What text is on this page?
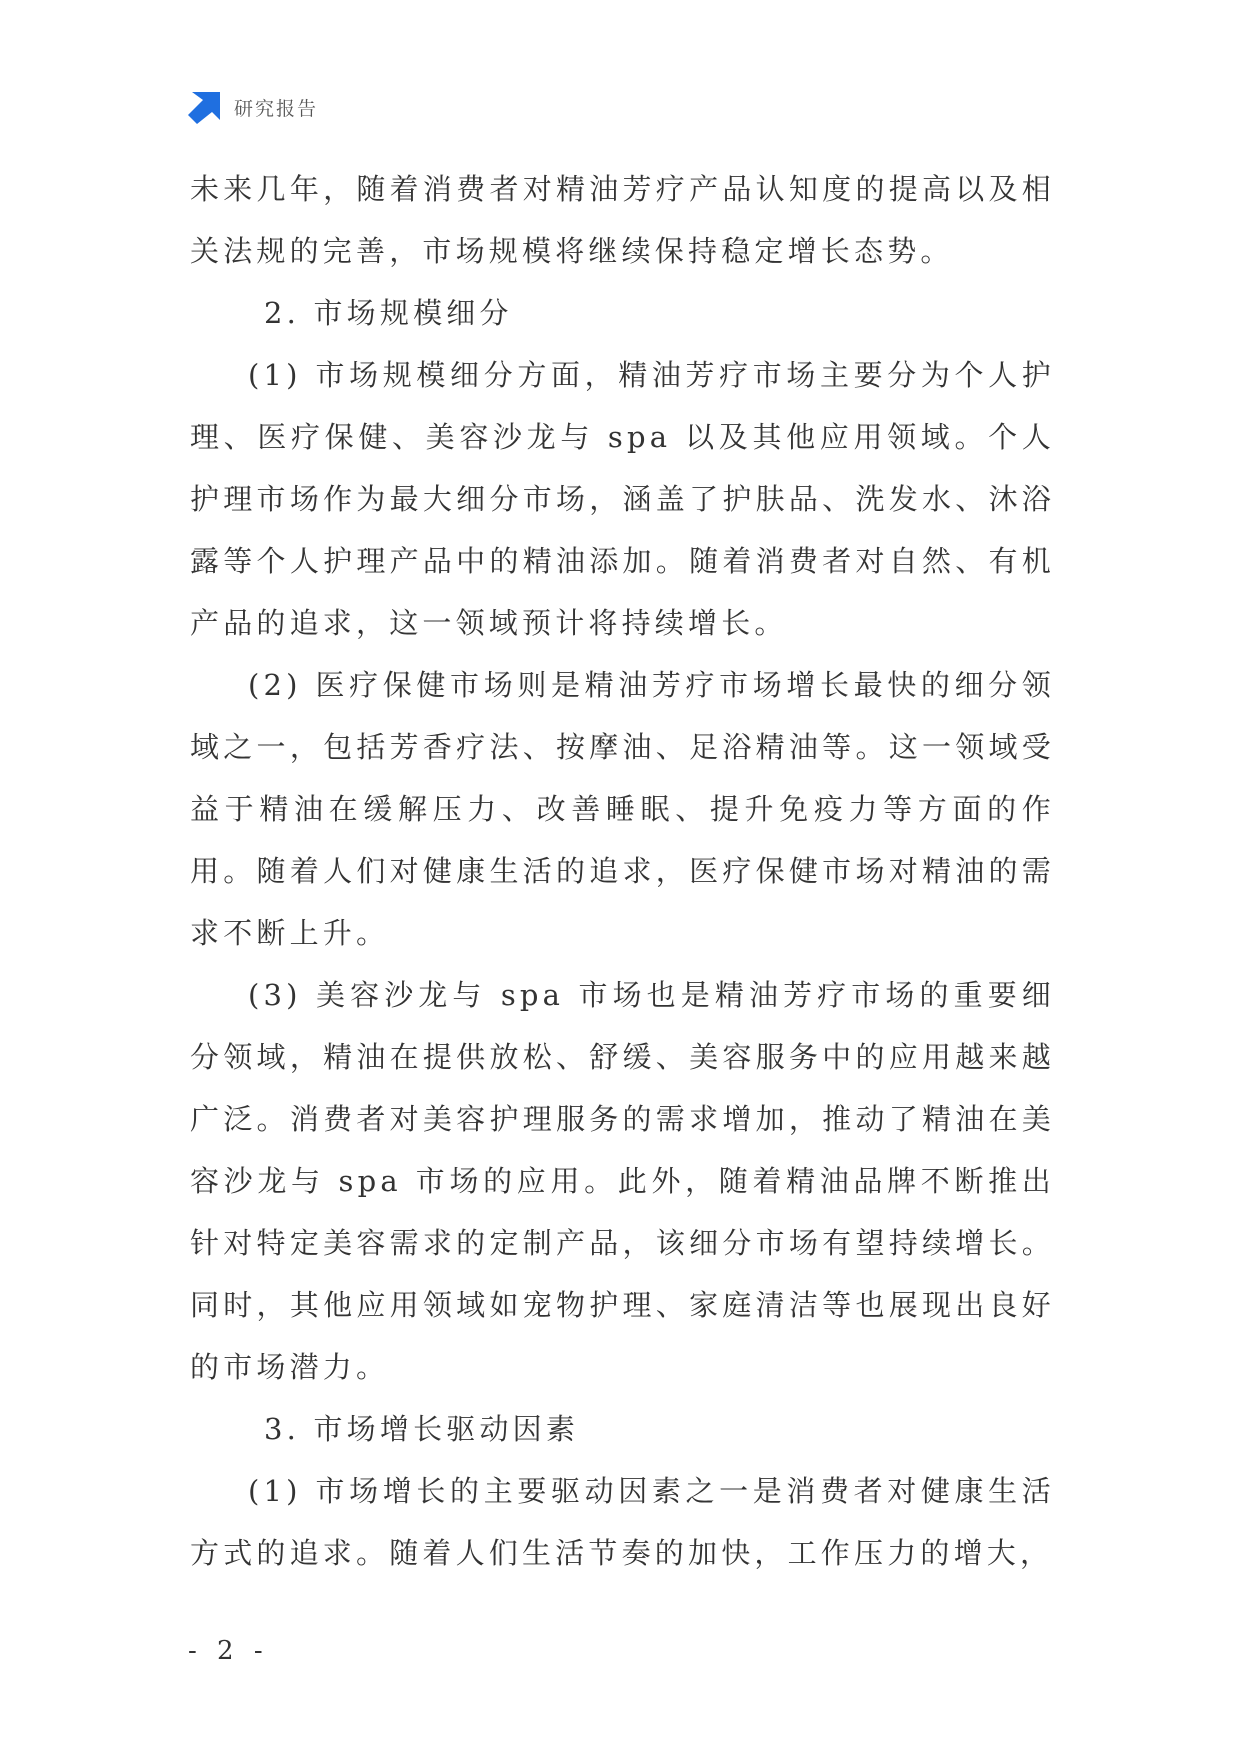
研究报告

未来几年，随着消费者对精油芳疗产品认知度的提高以及相关法规的完善，市场规模将继续保持稳定增长态势。

2. 市场规模细分

(1) 市场规模细分方面，精油芳疗市场主要分为个人护理、医疗保健、美容沙龙与 spa 以及其他应用领域。个人护理市场作为最大细分市场，涵盖了护肤品、洗发水、沐浴露等个人护理产品中的精油添加。随着消费者对自然、有机产品的追求，这一领域预计将持续增长。

(2) 医疗保健市场则是精油芳疗市场增长最快的细分领域之一，包括芳香疗法、按摩油、足浴精油等。这一领域受益于精油在缓解压力、改善睡眠、提升免疫力等方面的作用。随着人们对健康生活的追求，医疗保健市场对精油的需求不断上升。

(3) 美容沙龙与 spa 市场也是精油芳疗市场的重要细分领域，精油在提供放松、舒缓、美容服务中的应用越来越广泛。消费者对美容护理服务的需求增加，推动了精油在美容沙龙与 spa 市场的应用。此外，随着精油品牌不断推出针对特定美容需求的定制产品，该细分市场有望持续增长。同时，其他应用领域如宠物护理、家庭清洁等也展现出良好的市场潜力。

3. 市场增长驱动因素

(1) 市场增长的主要驱动因素之一是消费者对健康生活方式的追求。随着人们生活节奏的加快，工作压力的增大，

- 2 -
